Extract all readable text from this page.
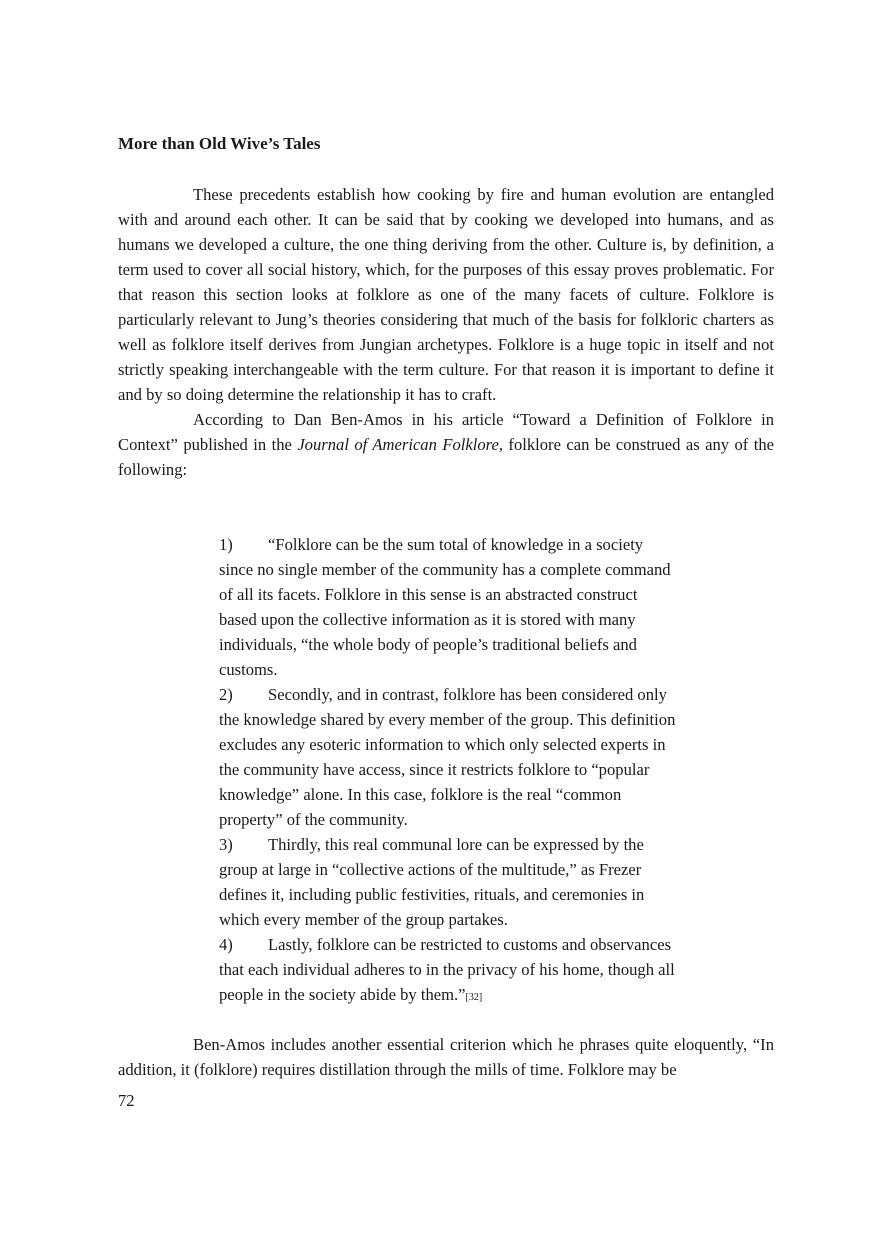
More than Old Wive’s Tales

These precedents establish how cooking by fire and human evolution are entangled with and around each other. It can be said that by cooking we developed into humans, and as humans we developed a culture, the one thing deriving from the other. Culture is, by definition, a term used to cover all social history, which, for the purposes of this essay proves problematic. For that reason this section looks at folklore as one of the many facets of culture. Folklore is particularly relevant to Jung’s theories considering that much of the basis for folkloric charters as well as folklore itself derives from Jungian archetypes. Folklore is a huge topic in itself and not strictly speaking interchangeable with the term culture. For that reason it is important to define it and by so doing determine the relationship it has to craft.

According to Dan Ben-Amos in his article “Toward a Definition of Folklore in Context” published in the Journal of American Folklore, folklore can be construed as any of the following:

1) “Folklore can be the sum total of knowledge in a society since no single member of the community has a complete command of all its facets. Folklore in this sense is an abstracted construct based upon the collective information as it is stored with many individuals, “the whole body of people’s traditional beliefs and customs.

2) Secondly, and in contrast, folklore has been considered only the knowledge shared by every member of the group. This definition excludes any esoteric information to which only selected experts in the community have access, since it restricts folklore to “popular knowledge” alone. In this case, folklore is the real “common property” of the community.

3) Thirdly, this real communal lore can be expressed by the group at large in “collective actions of the multitude,” as Frezer defines it, including public festivities, rituals, and ceremonies in which every member of the group partakes.

4) Lastly, folklore can be restricted to customs and observances that each individual adheres to in the privacy of his home, though all people in the society abide by them.”[32]

Ben-Amos includes another essential criterion which he phrases quite eloquently, “In addition, it (folklore) requires distillation through the mills of time. Folklore may be

72
